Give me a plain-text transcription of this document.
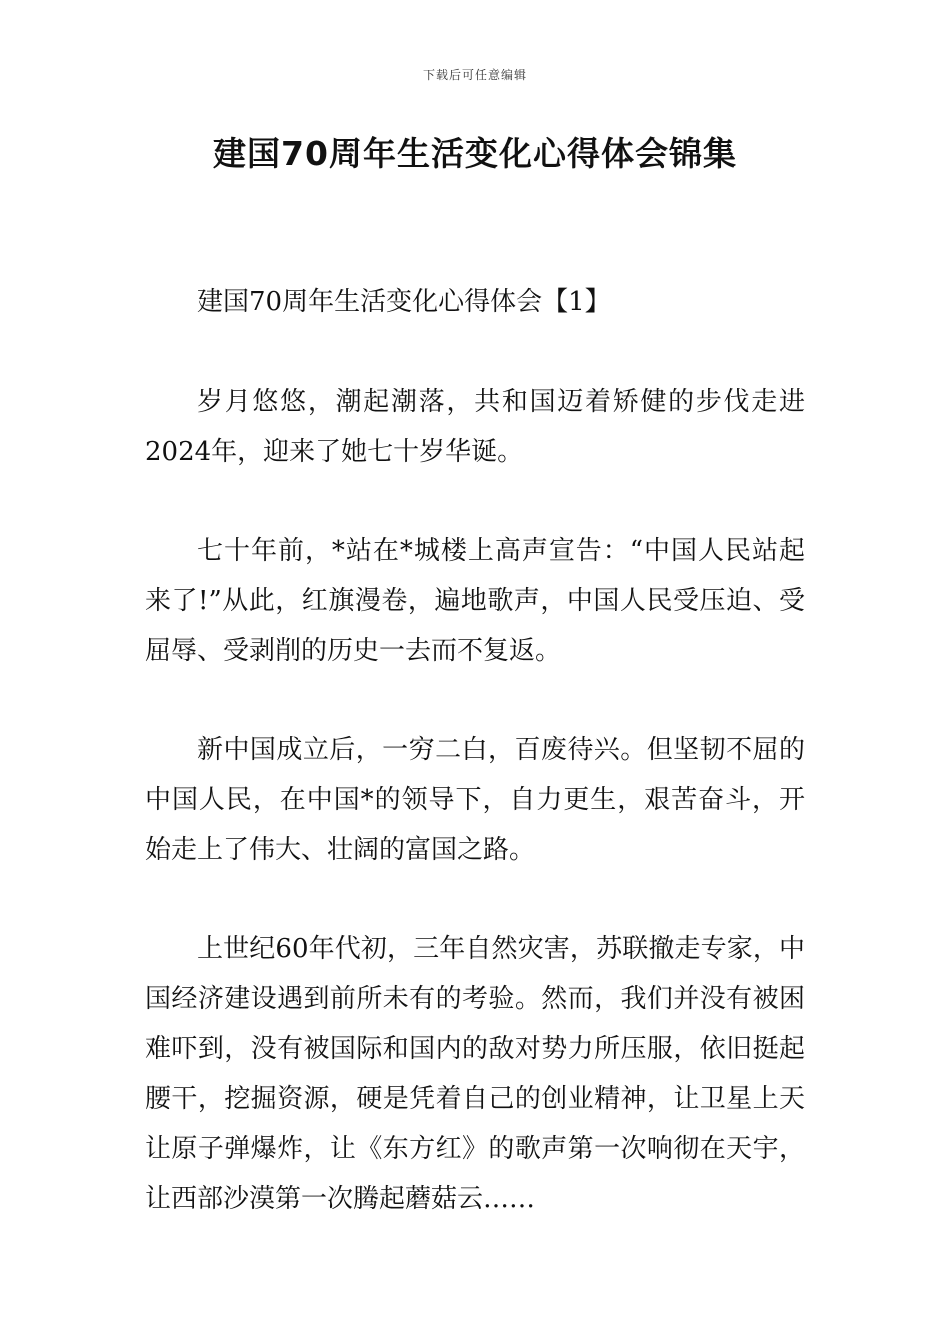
下载后可任意编辑
建国70周年生活变化心得体会锦集

建国70周年生活变化心得体会【1】

岁月悠悠，潮起潮落，共和国迈着矫健的步伐走进2024年，迎来了她七十岁华诞。

七十年前，*站在*城楼上高声宣告：“中国人民站起来了!”从此，红旗漫卷，遍地歌声，中国人民受压迫、受屈辱、受剥削的历史一去而不复返。

新中国成立后，一穷二白，百废待兴。但坚韧不屈的中国人民，在中国*的领导下，自力更生，艰苦奋斗，开始走上了伟大、壮阔的富国之路。

上世纪60年代初，三年自然灾害，苏联撤走专家，中国经济建设遇到前所未有的考验。然而，我们并没有被困难吓到，没有被国际和国内的敌对势力所压服，依旧挺起腰干，挖掘资源，硬是凭着自己的创业精神，让卫星上天让原子弹爆炸，让《东方红》的歌声第一次响彻在天宇，让西部沙漠第一次腾起蘑菇云……
